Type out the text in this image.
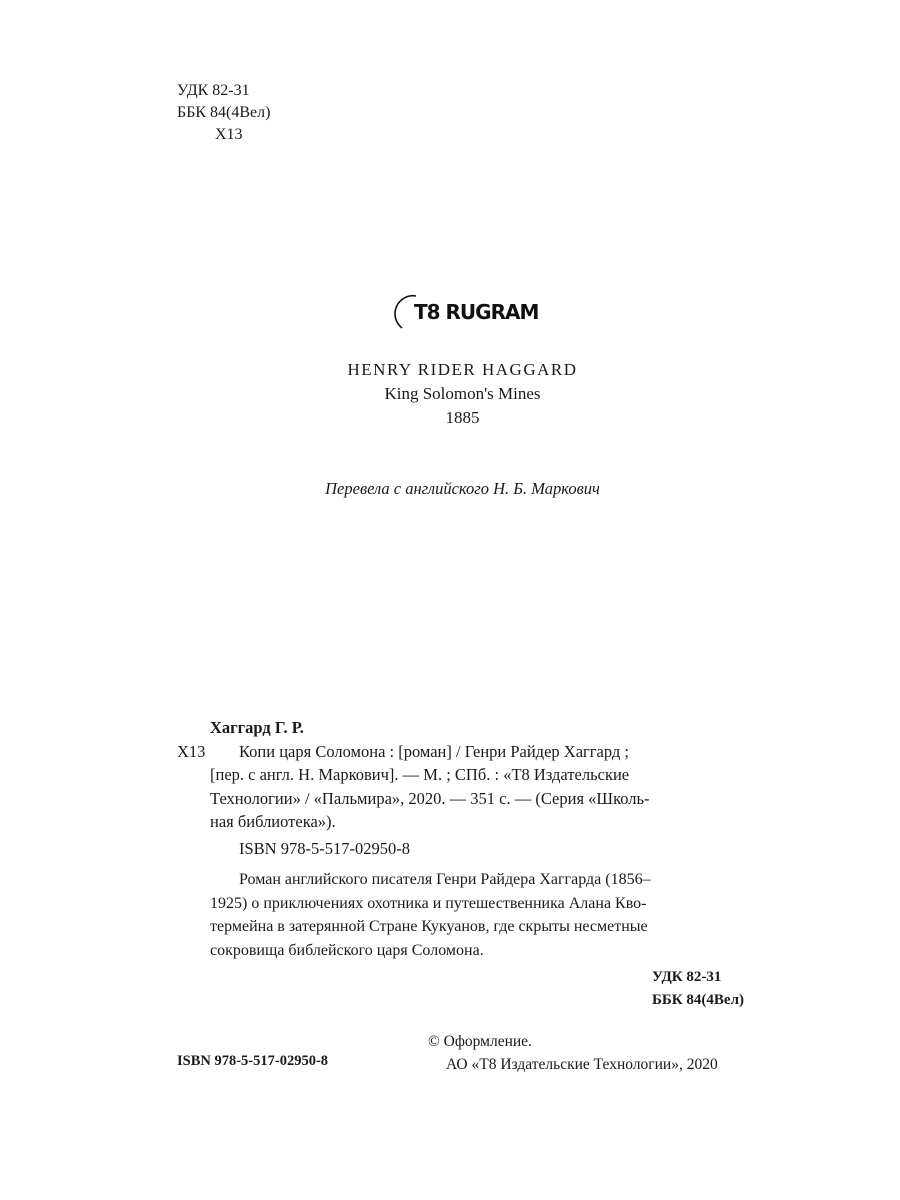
УДК 82-31
ББК 84(4Вел)
Х13
T8 RUGRAM
HENRY RIDER HAGGARD
King Solomon's Mines
1885
Перевела с английского Н. Б. Маркович
Хаггард Г. Р.
Х13	Копи царя Соломона : [роман] / Генри Райдер Хаггард ;
[пер. с англ. Н. Маркович]. — М. ; СПб. : «Т8 Издательские
Технологии» / «Пальмира», 2020. — 351 с. — (Серия «Школь-
ная библиотека»).
ISBN 978-5-517-02950-8
Роман английского писателя Генри Райдера Хаггарда (1856–
1925) о приключениях охотника и путешественника Алана Кво-
термейна в затерянной Стране Кукуанов, где скрыты несметные
сокровища библейского царя Соломона.
УДК 82-31
ББК 84(4Вел)
ISBN 978-5-517-02950-8
© Оформление.
АО «Т8 Издательские Технологии», 2020
